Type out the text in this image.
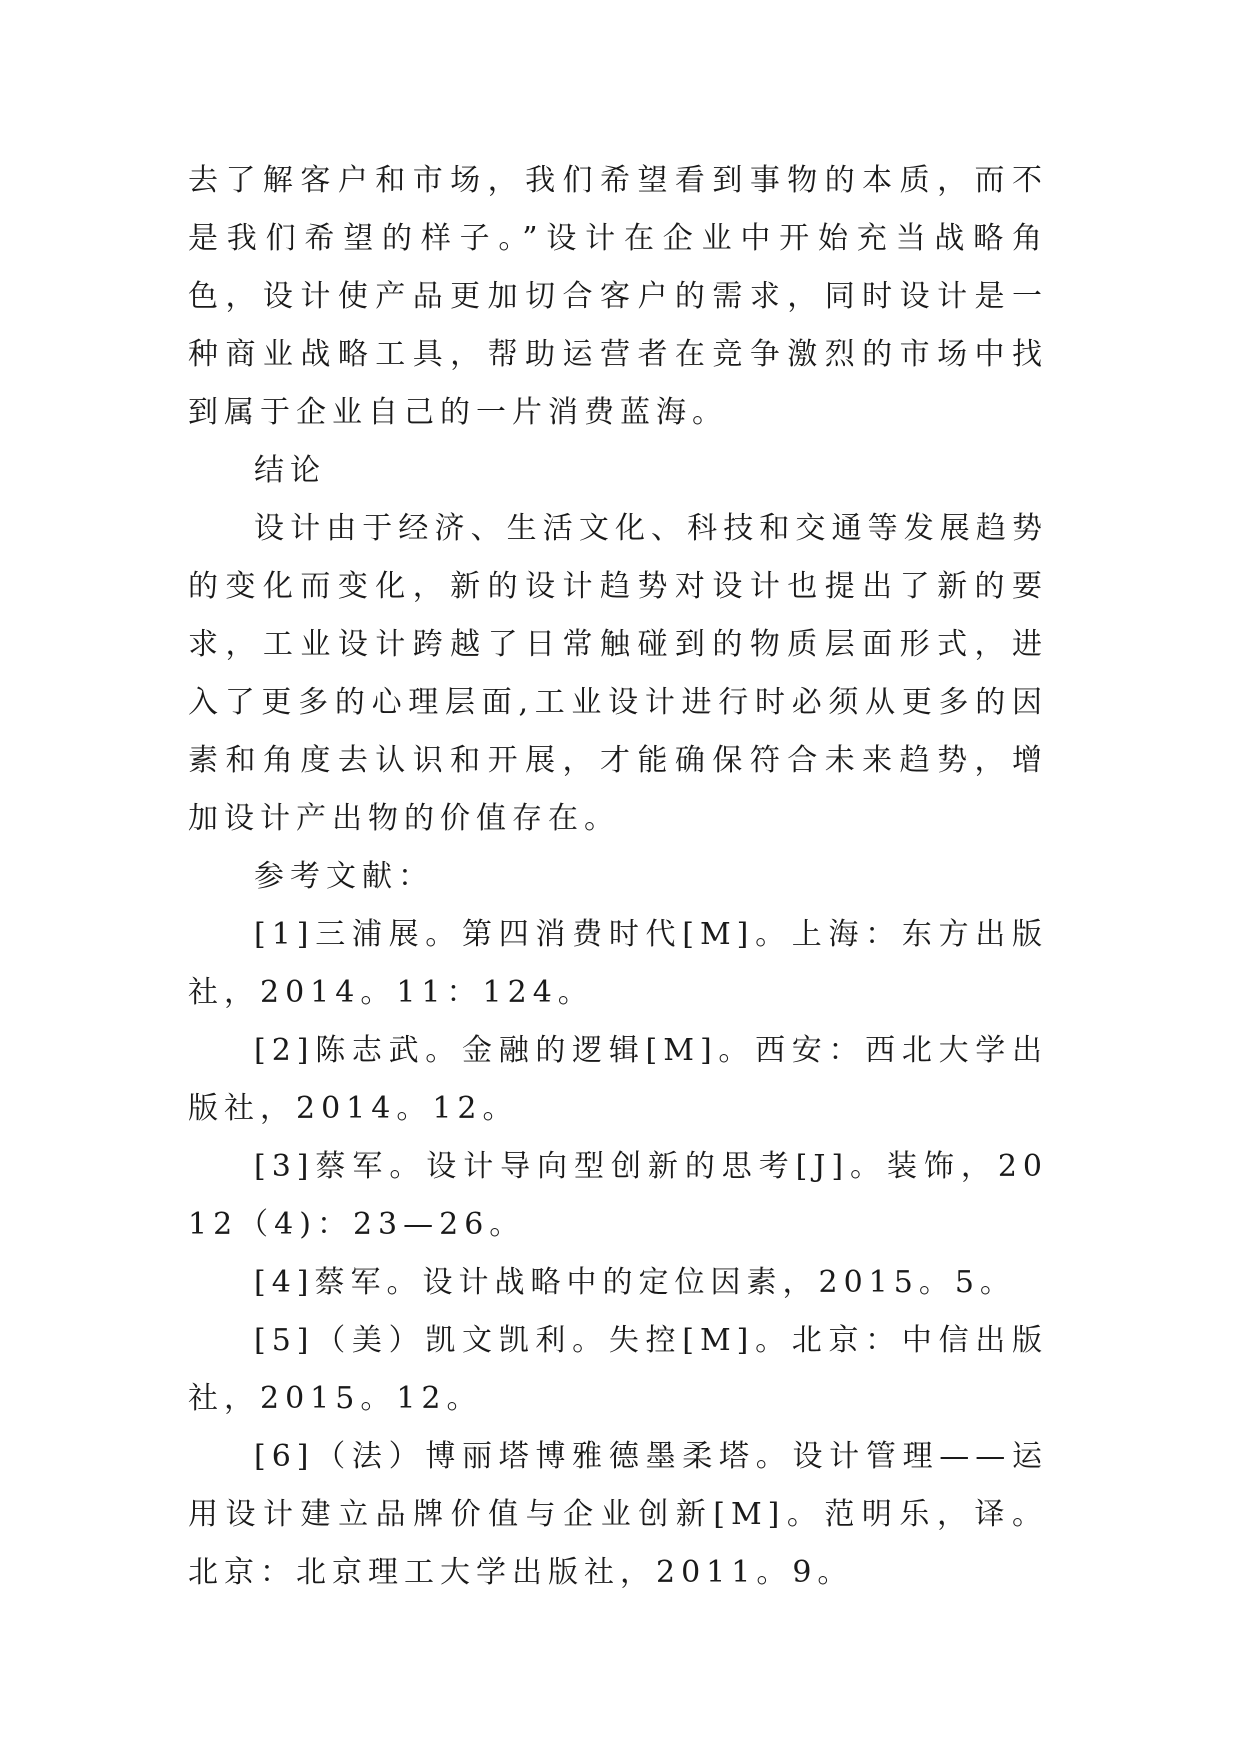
去了解客户和市场，我们希望看到事物的本质，而不是我们希望的样子。”设计在企业中开始充当战略角色，设计使产品更加切合客户的需求，同时设计是一种商业战略工具，帮助运营者在竞争激烈的市场中找到属于企业自己的一片消费蓝海。

结论

设计由于经济、生活文化、科技和交通等发展趋势的变化而变化，新的设计趋势对设计也提出了新的要求，工业设计跨越了日常触碰到的物质层面形式，进入了更多的心理层面,工业设计进行时必须从更多的因素和角度去认识和开展，才能确保符合未来趋势，增加设计产出物的价值存在。

参考文献：

[1]三浦展。第四消费时代[M]。上海：东方出版社，2014。11：124。

[2]陈志武。金融的逻辑[M]。西安：西北大学出版社，2014。12。

[3]蔡军。设计导向型创新的思考[J]。装饰，2012（4)：23—26。

[4]蔡军。设计战略中的定位因素，2015。5。

[5]（美）凯文凯利。失控[M]。北京：中信出版社，2015。12。

[6]（法）博丽塔博雅德墨柔塔。设计管理——运用设计建立品牌价值与企业创新[M]。范明乐，译。北京：北京理工大学出版社，2011。9。
